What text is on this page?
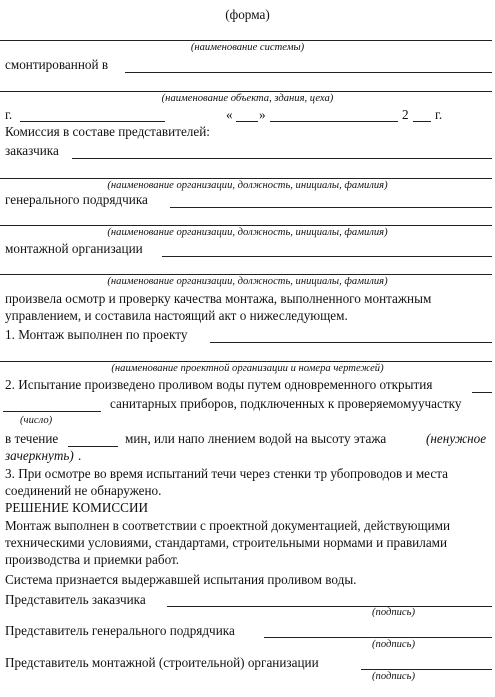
(форма)
(наименование системы)
смонтированной в
(наименование объекта, здания, цеха)
г.	« »	2 г.
Комиссия в составе представителей:
заказчика
(наименование организации, должность, инициалы, фамилия)
генерального подрядчика
(наименование организации, должность, инициалы, фамилия)
монтажной организации
(наименование организации, должность, инициалы, фамилия)
произвела осмотр и проверку качества монтажа, выполненного монтажным
управлением, и составила настоящий акт о нижеследующем.
1. Монтаж выполнен по проекту
(наименование проектной организации и номера чертежей)
2. Испытание произведено проливом воды путем одновременного открытия
санитарных приборов, подключенных к проверяемомуучастку
(число)
в течение	мин, или напо лнением водой на высоту этажа	(ненужное
зачеркнуть) .
3. При осмотре во время испытаний течи через стенки тр убопроводов и места
соединений не обнаружено.
РЕШЕНИЕ КОМИССИИ
Монтаж выполнен в соответствии с проектной документацией, действующими
техническими условиями, стандартами, строительными нормами и правилами
производства и приемки работ.
Система признается выдержавшей испытания проливом воды.
Представитель заказчика
(подпись)
Представитель генерального подрядчика
(подпись)
Представитель монтажной (строительной) организации
(подпись)
